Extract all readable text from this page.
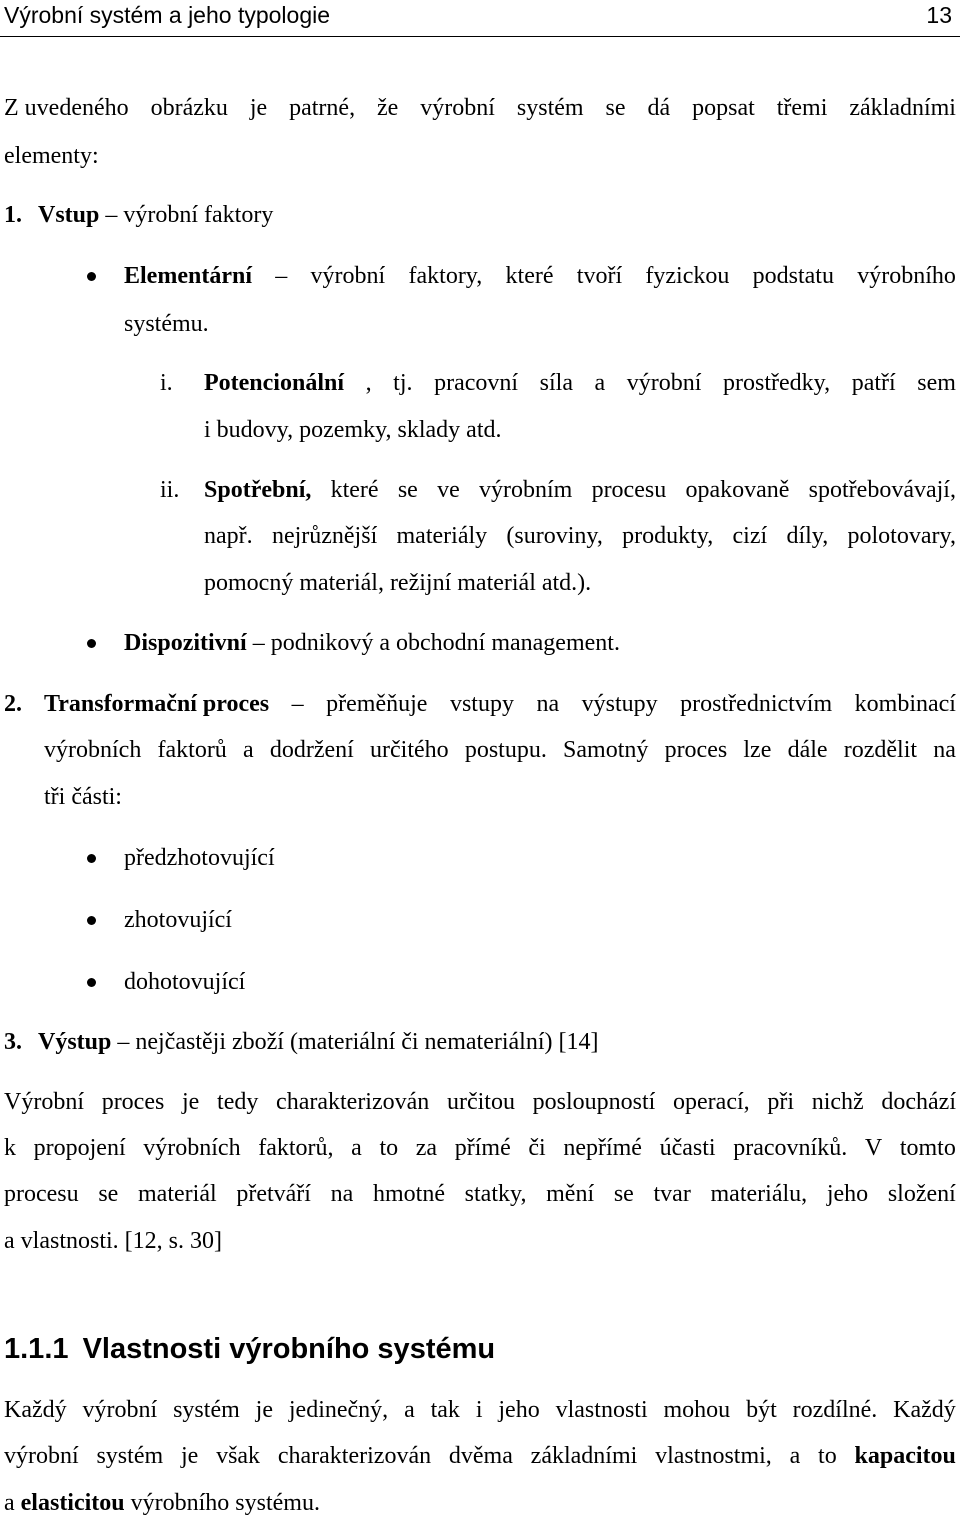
Výrobní systém a jeho typologie	13
Z uvedeného obrázku je patrné, že výrobní systém se dá popsat třemi základními
elementy:
1. Vstup – výrobní faktory
Elementární – výrobní faktory, které tvoří fyzickou podstatu výrobního
systému.
i. Potencionální , tj. pracovní síla a výrobní prostředky, patří sem
i budovy, pozemky, sklady atd.
ii. Spotřební, které se ve výrobním procesu opakovaně spotřebovávají,
např. nejrůznější materiály (suroviny, produkty, cizí díly, polotovary,
pomocný materiál, režijní materiál atd.).
Dispozitivní – podnikový a obchodní management.
2. Transformační proces – přeměňuje vstupy na výstupy prostřednictvím kombinací
výrobních faktorů a dodržení určitého postupu. Samotný proces lze dále rozdělit na
tři části:
předzhotovující
zhotovující
dohotovující
3. Výstup – nejčastěji zboží (materiální či nemateriální) [14]
Výrobní proces je tedy charakterizován určitou posloupností operací, při nichž dochází
k propojení výrobních faktorů, a to za přímé či nepřímé účasti pracovníků. V tomto
procesu se materiál přetváří na hmotné statky, mění se tvar materiálu, jeho složení
a vlastnosti. [12, s. 30]
1.1.1 Vlastnosti výrobního systému
Každý výrobní systém je jedinečný, a tak i jeho vlastnosti mohou být rozdílné. Každý
výrobní systém je však charakterizován dvěma základními vlastnostmi, a to kapacitou
a elasticitou výrobního systému.
